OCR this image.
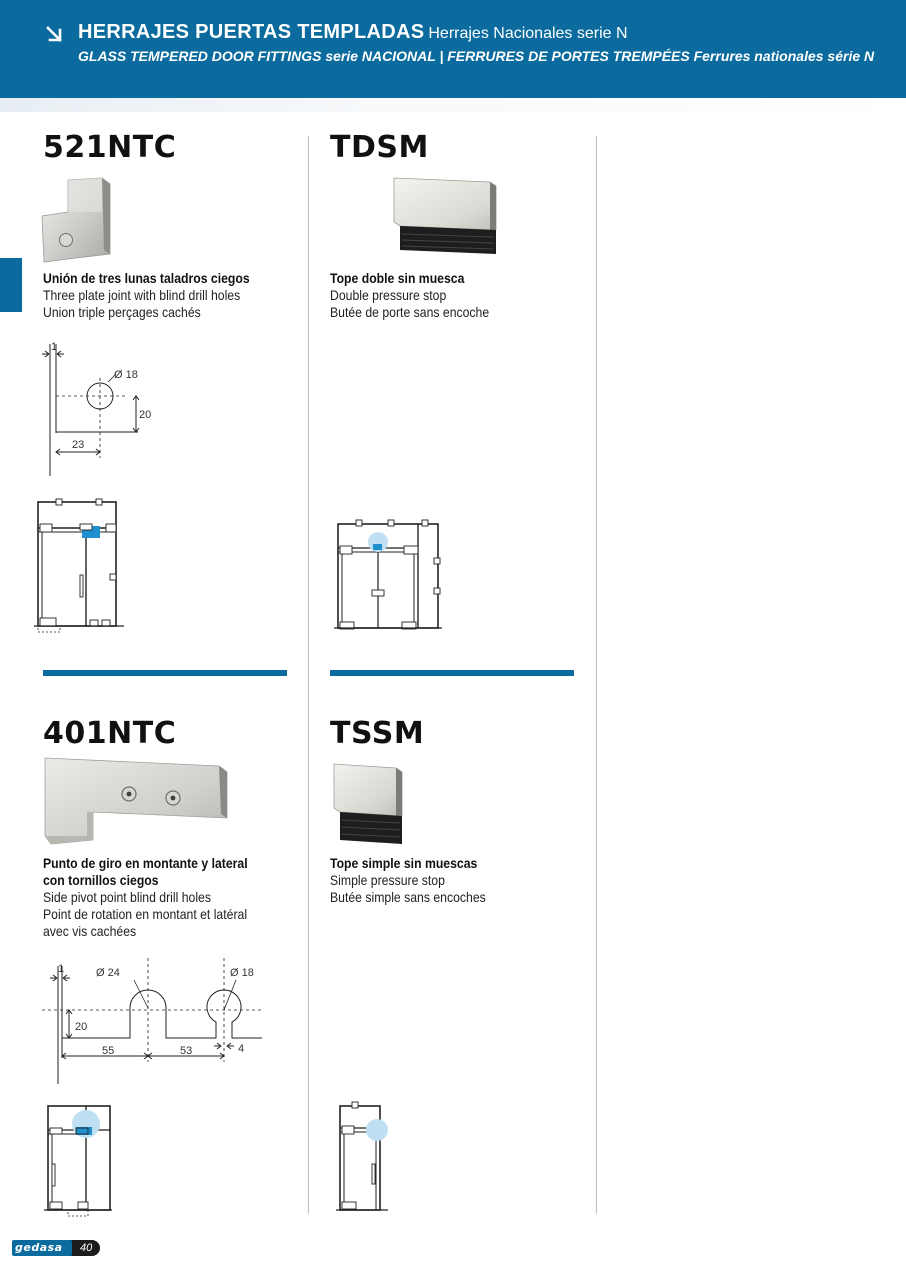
HERRAJES PUERTAS TEMPLADAS Herrajes Nacionales serie N
GLASS TEMPERED DOOR FITTINGS serie NACIONAL | FERRURES DE PORTES TREMPÉES Ferrures nationales série N
521NTC
Unión de tres lunas taladros ciegos
Three plate joint with blind drill holes
Union triple perçages cachés
1
Ø 18
20
23
TDSM
Tope doble sin muesca
Double pressure stop
Butée de porte sans encoche
401NTC
Punto de giro en montante y lateral
con tornillos ciegos
Side pivot point blind drill holes
Point de rotation en montant et latéral
avec vis cachées
1	Ø 24	Ø 18
20
55	53	4
TSSM
Tope simple sin muescas
Simple pressure stop
Butée simple sans encoches
gedasa 40
